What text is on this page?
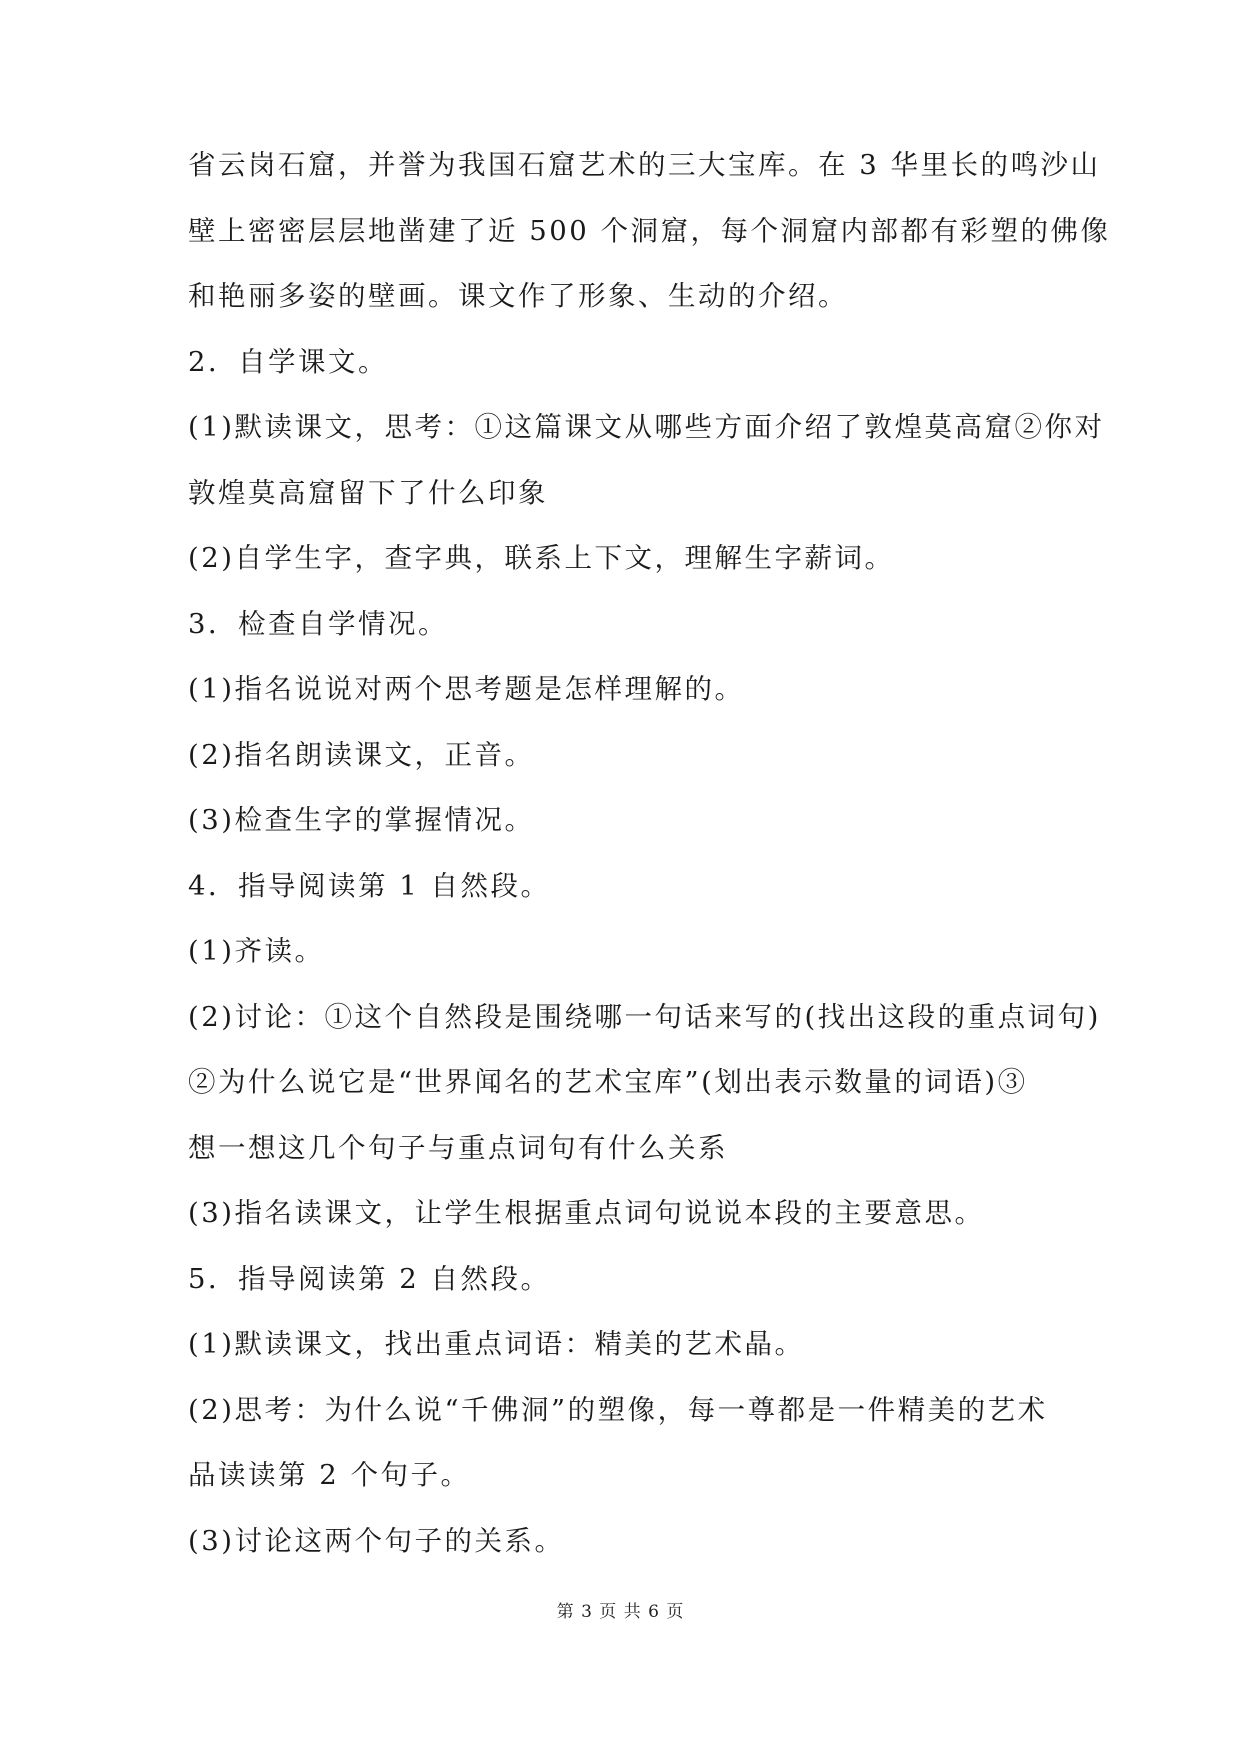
省云岗石窟，并誉为我国石窟艺术的三大宝库。在 3 华里长的鸣沙山
壁上密密层层地凿建了近 500 个洞窟，每个洞窟内部都有彩塑的佛像
和艳丽多姿的壁画。课文作了形象、生动的介绍。
2．自学课文。
(1)默读课文，思考：①这篇课文从哪些方面介绍了敦煌莫高窟②你对
敦煌莫高窟留下了什么印象
(2)自学生字，查字典，联系上下文，理解生字薪词。
3．检查自学情况。
(1)指名说说对两个思考题是怎样理解的。
(2)指名朗读课文，正音。
(3)检查生字的掌握情况。
4．指导阅读第 1 自然段。
(1)齐读。
(2)讨论：①这个自然段是围绕哪一句话来写的(找出这段的重点词句)
②为什么说它是“世界闻名的艺术宝库”(划出表示数量的词语)③
想一想这几个句子与重点词句有什么关系
(3)指名读课文，让学生根据重点词句说说本段的主要意思。
5．指导阅读第 2 自然段。
(1)默读课文，找出重点词语：精美的艺术晶。
(2)思考：为什么说“千佛洞”的塑像，每一尊都是一件精美的艺术
品读读第 2 个句子。
(3)讨论这两个句子的关系。
第 3 页 共 6 页
